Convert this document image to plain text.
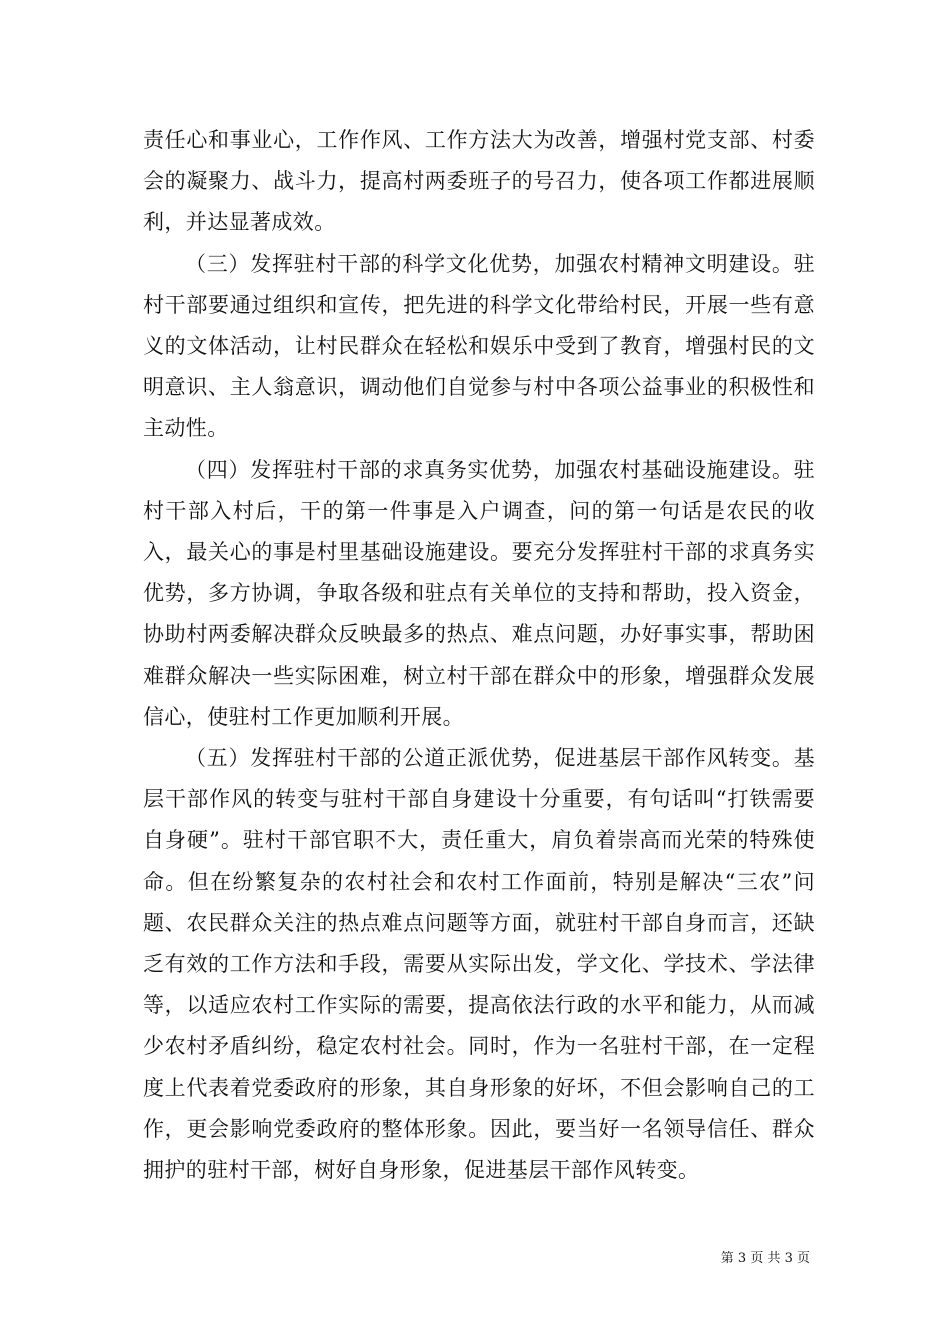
责任心和事业心，工作作风、工作方法大为改善，增强村党支部、村委会的凝聚力、战斗力，提高村两委班子的号召力，使各项工作都进展顺利，并达显著成效。

（三）发挥驻村干部的科学文化优势，加强农村精神文明建设。驻村干部要通过组织和宣传，把先进的科学文化带给村民，开展一些有意义的文体活动，让村民群众在轻松和娱乐中受到了教育，增强村民的文明意识、主人翁意识，调动他们自觉参与村中各项公益事业的积极性和主动性。

（四）发挥驻村干部的求真务实优势，加强农村基础设施建设。驻村干部入村后，干的第一件事是入户调查，问的第一句话是农民的收入，最关心的事是村里基础设施建设。要充分发挥驻村干部的求真务实优势，多方协调，争取各级和驻点有关单位的支持和帮助，投入资金，协助村两委解决群众反映最多的热点、难点问题，办好事实事，帮助困难群众解决一些实际困难，树立村干部在群众中的形象，增强群众发展信心，使驻村工作更加顺利开展。

（五）发挥驻村干部的公道正派优势，促进基层干部作风转变。基层干部作风的转变与驻村干部自身建设十分重要，有句话叫“打铁需要自身硬”。驻村干部官职不大，责任重大，肩负着崇高而光荣的特殊使命。但在纷繁复杂的农村社会和农村工作面前，特别是解决“三农”问题、农民群众关注的热点难点问题等方面，就驻村干部自身而言，还缺乏有效的工作方法和手段，需要从实际出发，学文化、学技术、学法律等，以适应农村工作实际的需要，提高依法行政的水平和能力，从而减少农村矛盾纠纷，稳定农村社会。同时，作为一名驻村干部，在一定程度上代表着党委政府的形象，其自身形象的好坏，不但会影响自己的工作，更会影响党委政府的整体形象。因此，要当好一名领导信任、群众拥护的驻村干部，树好自身形象，促进基层干部作风转变。

第 3 页 共 3 页
